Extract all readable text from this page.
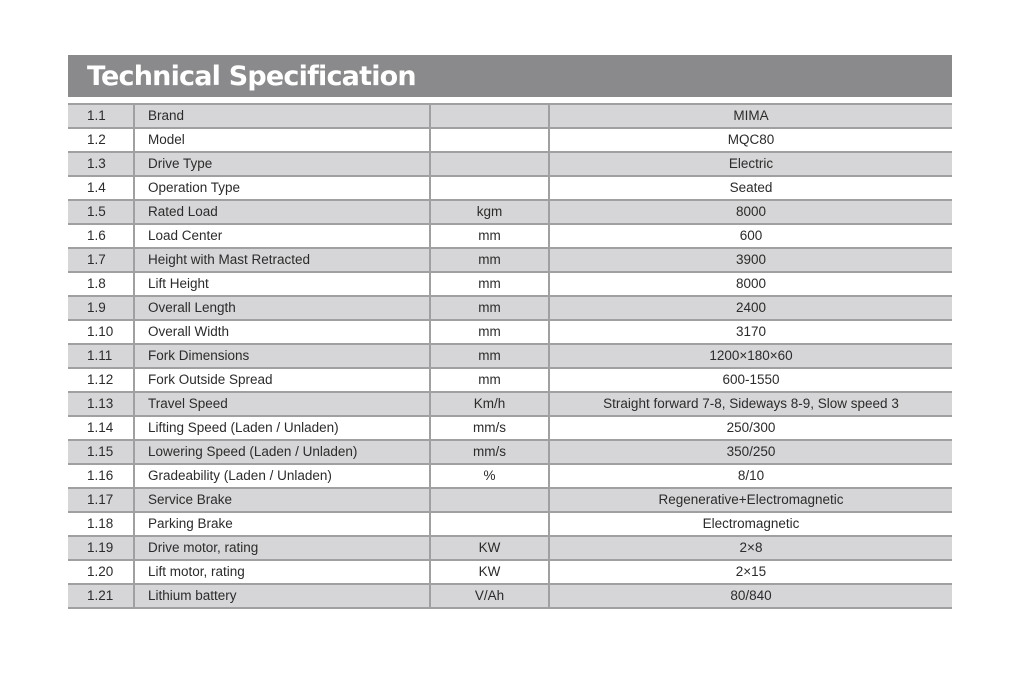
Technical Specification
1.1	Brand		MIMA
1.2	Model		MQC80
1.3	Drive Type		Electric
1.4	Operation Type		Seated
1.5	Rated Load	kgm	8000
1.6	Load Center	mm	600
1.7	Height with Mast Retracted	mm	3900
1.8	Lift Height	mm	8000
1.9	Overall Length	mm	2400
1.10	Overall Width	mm	3170
1.11	Fork Dimensions	mm	1200×180×60
1.12	Fork Outside Spread	mm	600-1550
1.13	Travel Speed	Km/h	Straight forward 7-8, Sideways 8-9, Slow speed 3
1.14	Lifting Speed (Laden / Unladen)	mm/s	250/300
1.15	Lowering Speed (Laden / Unladen)	mm/s	350/250
1.16	Gradeability (Laden / Unladen)	%	8/10
1.17	Service Brake		Regenerative+Electromagnetic
1.18	Parking Brake		Electromagnetic
1.19	Drive motor, rating	KW	2×8
1.20	Lift motor, rating	KW	2×15
1.21	Lithium battery	V/Ah	80/840
